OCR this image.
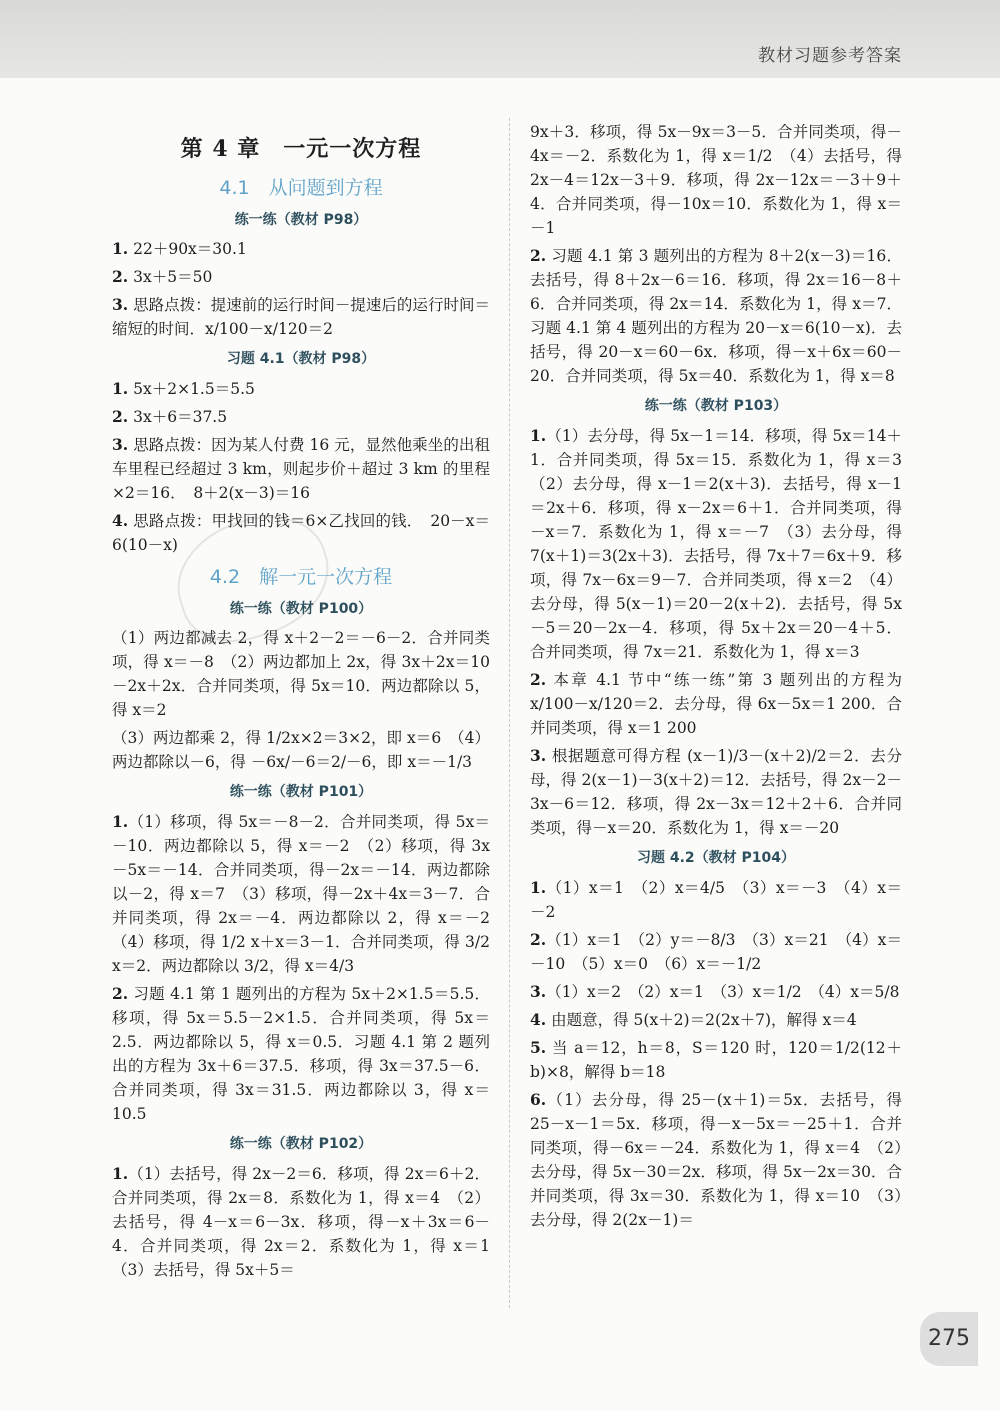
教材习题参考答案
第 4 章　一元一次方程
4.1　从问题到方程
练一练（教材 P98）

1. 22＋90x＝30.1

2. 3x＋5＝50

3. 思路点拨：提速前的运行时间－提速后的运行时间＝缩短的时间．x/100－x/120＝2

习题 4.1（教材 P98）

1. 5x＋2×1.5＝5.5

2. 3x＋6＝37.5

3. 思路点拨：因为某人付费 16 元，显然他乘坐的出租车里程已经超过 3 km，则起步价＋超过 3 km 的里程×2＝16．　8＋2(x－3)＝16

4. 思路点拨：甲找回的钱＝6×乙找回的钱．　20－x＝6(10－x)

4.2　解一元一次方程
练一练（教材 P100）

（1）两边都减去 2，得 x＋2－2＝－6－2．合并同类项，得 x＝－8　（2）两边都加上 2x，得 3x＋2x＝10－2x＋2x．合并同类项，得 5x＝10．两边都除以 5，得 x＝2

（3）两边都乘 2，得 1/2x×2＝3×2，即 x＝6　（4）两边都除以－6，得 －6x/－6＝2/－6，即 x＝－1/3

练一练（教材 P101）

1.（1）移项，得 5x＝－8－2．合并同类项，得 5x＝－10．两边都除以 5，得 x＝－2　（2）移项，得 3x－5x＝－14．合并同类项，得－2x＝－14．两边都除以－2，得 x＝7　（3）移项，得－2x＋4x＝3－7．合并同类项，得 2x＝－4．两边都除以 2，得 x＝－2　（4）移项，得 1/2 x＋x＝3－1．合并同类项，得 3/2 x＝2．两边都除以 3/2，得 x＝4/3

2. 习题 4.1 第 1 题列出的方程为 5x＋2×1.5＝5.5．移项，得 5x＝5.5－2×1.5．合并同类项，得 5x＝2.5．两边都除以 5，得 x＝0.5．习题 4.1 第 2 题列出的方程为 3x＋6＝37.5．移项，得 3x＝37.5－6．合并同类项，得 3x＝31.5．两边都除以 3，得 x＝10.5

练一练（教材 P102）

1.（1）去括号，得 2x－2＝6．移项，得 2x＝6＋2．合并同类项，得 2x＝8．系数化为 1，得 x＝4　（2）去括号，得 4－x＝6－3x．移项，得－x＋3x＝6－4．合并同类项，得 2x＝2．系数化为 1，得 x＝1　（3）去括号，得 5x＋5＝

9x＋3．移项，得 5x－9x＝3－5．合并同类项，得－4x＝－2．系数化为 1，得 x＝1/2　（4）去括号，得 2x－4＝12x－3＋9．移项，得 2x－12x＝－3＋9＋4．合并同类项，得－10x＝10．系数化为 1，得 x＝－1

2. 习题 4.1 第 3 题列出的方程为 8＋2(x－3)＝16．去括号，得 8＋2x－6＝16．移项，得 2x＝16－8＋6．合并同类项，得 2x＝14．系数化为 1，得 x＝7．习题 4.1 第 4 题列出的方程为 20－x＝6(10－x)．去括号，得 20－x＝60－6x．移项，得－x＋6x＝60－20．合并同类项，得 5x＝40．系数化为 1，得 x＝8

练一练（教材 P103）

1.（1）去分母，得 5x－1＝14．移项，得 5x＝14＋1．合并同类项，得 5x＝15．系数化为 1，得 x＝3　（2）去分母，得 x－1＝2(x＋3)．去括号，得 x－1＝2x＋6．移项，得 x－2x＝6＋1．合并同类项，得－x＝7．系数化为 1，得 x＝－7　（3）去分母，得 7(x＋1)＝3(2x＋3)．去括号，得 7x＋7＝6x＋9．移项，得 7x－6x＝9－7．合并同类项，得 x＝2　（4）去分母，得 5(x－1)＝20－2(x＋2)．去括号，得 5x－5＝20－2x－4．移项，得 5x＋2x＝20－4＋5．合并同类项，得 7x＝21．系数化为 1，得 x＝3

2. 本章 4.1 节中“练一练”第 3 题列出的方程为 x/100－x/120＝2．去分母，得 6x－5x＝1 200．合并同类项，得 x＝1 200

3. 根据题意可得方程 (x－1)/3－(x＋2)/2＝2．去分母，得 2(x－1)－3(x＋2)＝12．去括号，得 2x－2－3x－6＝12．移项，得 2x－3x＝12＋2＋6．合并同类项，得－x＝20．系数化为 1，得 x＝－20

习题 4.2（教材 P104）

1.（1）x＝1　（2）x＝4/5　（3）x＝－3　（4）x＝－2

2.（1）x＝1　（2）y＝－8/3　（3）x＝21　（4）x＝－10　（5）x＝0　（6）x＝－1/2

3.（1）x＝2　（2）x＝1　（3）x＝1/2　（4）x＝5/8

4. 由题意，得 5(x＋2)＝2(2x＋7)，解得 x＝4

5. 当 a＝12，h＝8，S＝120 时，120＝1/2(12＋b)×8，解得 b＝18

6.（1）去分母，得 25－(x＋1)＝5x．去括号，得 25－x－1＝5x．移项，得－x－5x＝－25＋1．合并同类项，得－6x＝－24．系数化为 1，得 x＝4　（2）去分母，得 5x－30＝2x．移项，得 5x－2x＝30．合并同类项，得 3x＝30．系数化为 1，得 x＝10　（3）去分母，得 2(2x－1)＝

275
